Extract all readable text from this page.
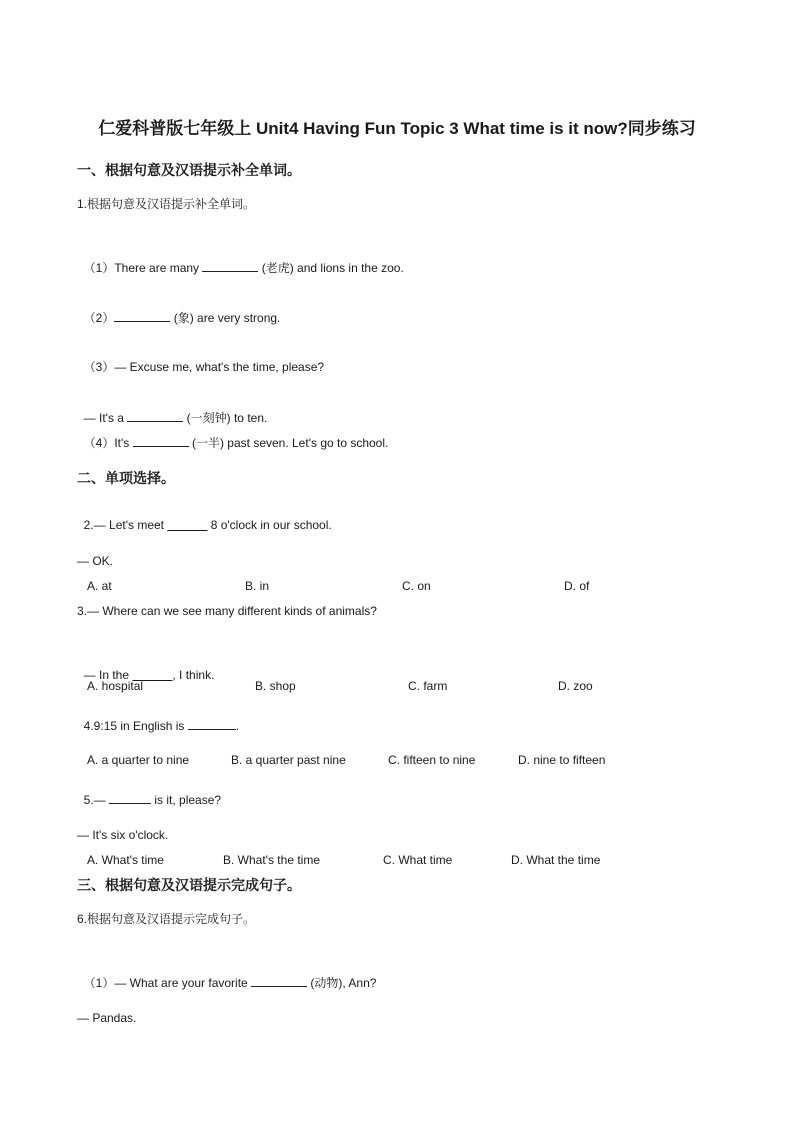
仁爱科普版七年级上 Unit4 Having Fun Topic 3 What time is it now?同步练习
一、根据句意及汉语提示补全单词。
1.根据句意及汉语提示补全单词。

（1）There are many	(老虎) and lions in the zoo.

（2）	(象) are very strong.

（3）— Excuse me, what's the time, please?

— It's a	(一刻钟) to ten.

（4）It's	(一半) past seven. Let's go to school.

二、单项选择。

2.— Let's meet	8 o'clock in our school.

— OK.
A. at	B. in	C. on	D. of
3.— Where can we see many different kinds of animals?

— In the	, I think.

A. hospital	B. shop	C. farm	D. zoo

4.9:15 in English is	.

A. a quarter to nine	B. a quarter past nine	C. fifteen to nine	D. nine to fifteen

5.—	is it, please?

— It's six o'clock.
A. What's time	B. What's the time	C. What time	D. What the time
三、根据句意及汉语提示完成句子。
6.根据句意及汉语提示完成句子。

（1）— What are your favorite	(动物), Ann?

— Pandas.
